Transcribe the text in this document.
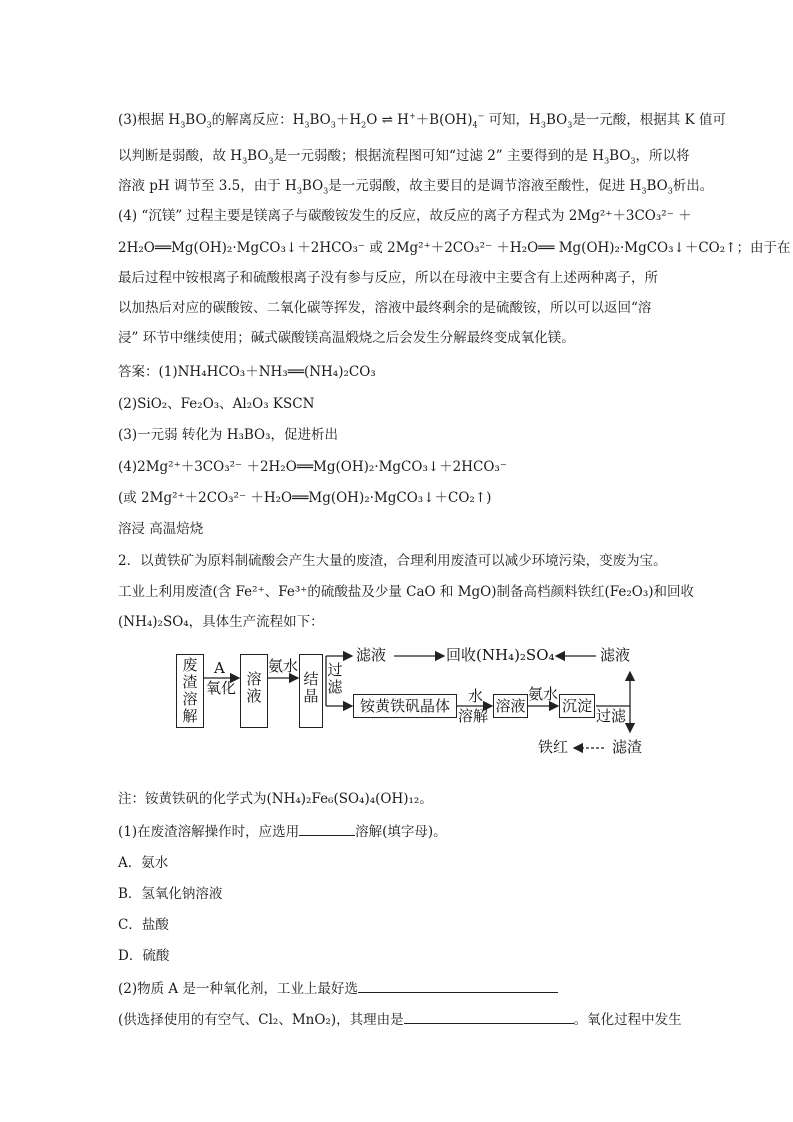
(3)根据 $H_3BO_3$的解离反应：$H_3BO_3+H_2O$ ⇌ $H^++B(OH)_4^-$ 可知，$H_3BO_3$是一元酸，根据其 K 值可
以判断是弱酸，故 $H_3BO_3$是一元弱酸；根据流程图可知“过滤 2” 主要得到的是 $H_3BO_3$，所以将
溶液 pH 调节至 3.5，由于 $H_3BO_3$是一元弱酸，故主要目的是调节溶液至酸性，促进 $H_3BO_3$析出。
(4) “沉镁” 过程主要是镁离子与碳酸铵发生的反应，故反应的离子方程式为 2Mg²⁺＋3CO₃²⁻ ＋
2H₂O══Mg(OH)₂·MgCO₃↓＋2HCO₃⁻ 或 2Mg²⁺＋2CO₃²⁻ ＋H₂O══ Mg(OH)₂·MgCO₃↓＋CO₂↑；由于在
最后过程中铵根离子和硫酸根离子没有参与反应，所以在母液中主要含有上述两种离子，所
以加热后对应的碳酸铵、二氧化碳等挥发，溶液中最终剩余的是硫酸铵，所以可以返回“溶
浸” 环节中继续使用；碱式碳酸镁高温煅烧之后会发生分解最终变成氧化镁。
答案：(1)NH₄HCO₃＋NH₃══(NH₄)₂CO₃
(2)SiO₂、Fe₂O₃、Al₂O₃ KSCN
(3)一元弱 转化为 H₃BO₃，促进析出
(4)2Mg²⁺＋3CO₃²⁻ ＋2H₂O══Mg(OH)₂·MgCO₃↓＋2HCO₃⁻
(或 2Mg²⁺＋2CO₃²⁻ ＋H₂O══Mg(OH)₂·MgCO₃↓＋CO₂↑)
溶浸 高温焙烧
2．以黄铁矿为原料制硫酸会产生大量的废渣，合理利用废渣可以减少环境污染，变废为宝。
工业上利用废渣(含 Fe²⁺、Fe³⁺的硫酸盐及少量 CaO 和 MgO)制备高档颜料铁红(Fe₂O₃)和回收
(NH₄)₂SO₄，具体生产流程如下：
废渣溶解
A
氧化 溶液
氨水
结晶
过滤
滤液	回收(NH₄)₂SO₄	滤液
铵黄铁矾晶体
水
溶解
溶液
氨水
沉淀
过滤
铁红	滤渣
注：铵黄铁矾的化学式为(NH₄)₂Fe₆(SO₄)₄(OH)₁₂。
(1)在废渣溶解操作时，应选用	溶解(填字母)。
A．氨水
B．氢氧化钠溶液
C．盐酸
D．硫酸
(2)物质 A 是一种氧化剂，工业上最好选
(供选择使用的有空气、Cl₂、MnO₂)，其理由是	。氧化过程中发生
